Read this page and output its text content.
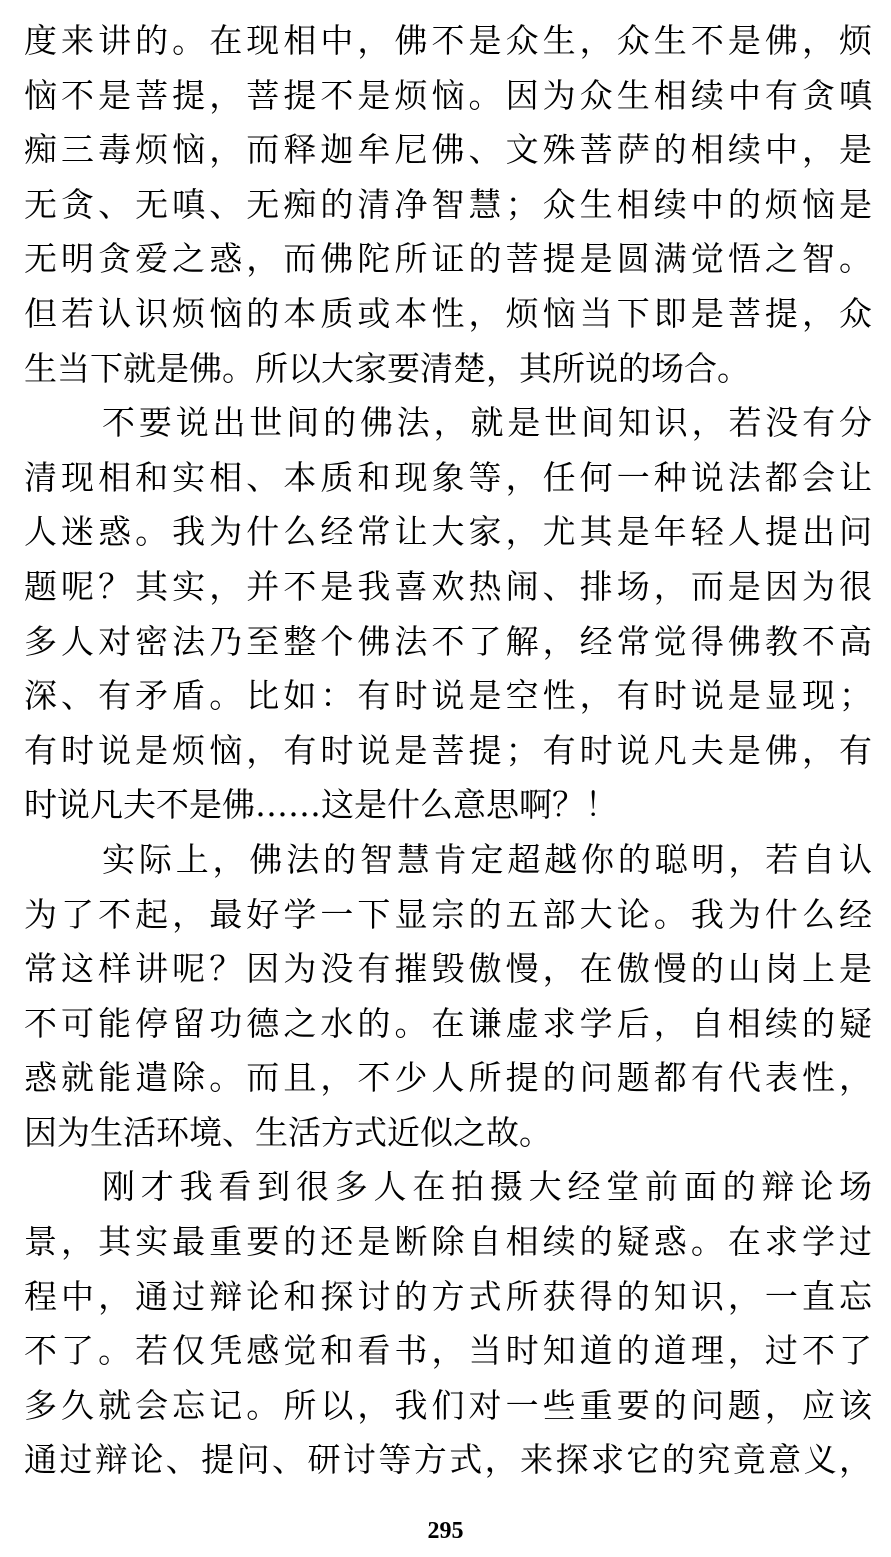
度来讲的。在现相中，佛不是众生，众生不是佛，烦
恼不是菩提，菩提不是烦恼。因为众生相续中有贪嗔
痴三毒烦恼，而释迦牟尼佛、文殊菩萨的相续中，是
无贪、无嗔、无痴的清净智慧；众生相续中的烦恼是
无明贪爱之惑，而佛陀所证的菩提是圆满觉悟之智。
但若认识烦恼的本质或本性，烦恼当下即是菩提，众
生当下就是佛。所以大家要清楚，其所说的场合。
不要说出世间的佛法，就是世间知识，若没有分
清现相和实相、本质和现象等，任何一种说法都会让
人迷惑。我为什么经常让大家，尤其是年轻人提出问
题呢？其实，并不是我喜欢热闹、排场，而是因为很
多人对密法乃至整个佛法不了解，经常觉得佛教不高
深、有矛盾。比如：有时说是空性，有时说是显现；
有时说是烦恼，有时说是菩提；有时说凡夫是佛，有
时说凡夫不是佛……这是什么意思啊？！
实际上，佛法的智慧肯定超越你的聪明，若自认
为了不起，最好学一下显宗的五部大论。我为什么经
常这样讲呢？因为没有摧毁傲慢，在傲慢的山岗上是
不可能停留功德之水的。在谦虚求学后，自相续的疑
惑就能遣除。而且，不少人所提的问题都有代表性，
因为生活环境、生活方式近似之故。
刚才我看到很多人在拍摄大经堂前面的辩论场
景，其实最重要的还是断除自相续的疑惑。在求学过
程中，通过辩论和探讨的方式所获得的知识，一直忘
不了。若仅凭感觉和看书，当时知道的道理，过不了
多久就会忘记。所以，我们对一些重要的问题，应该
通过辩论、提问、研讨等方式，来探求它的究竟意义，
295
